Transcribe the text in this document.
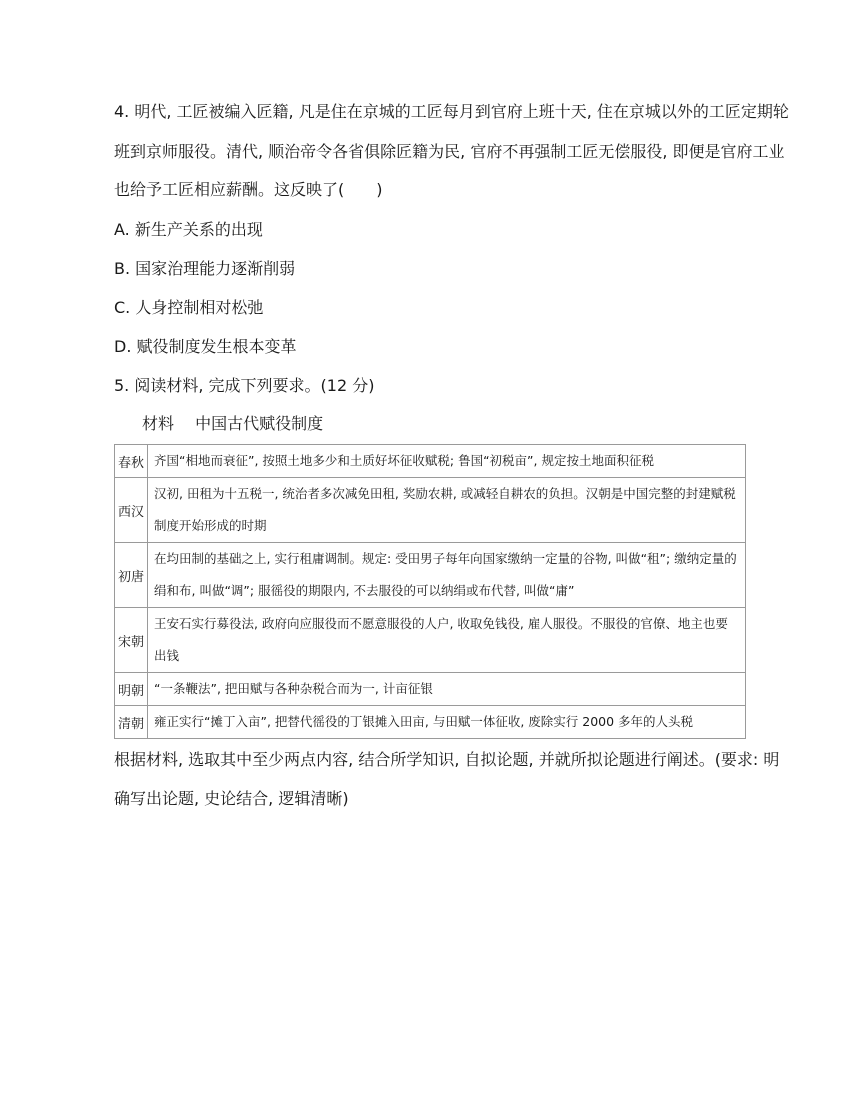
4. 明代, 工匠被编入匠籍, 凡是住在京城的工匠每月到官府上班十天, 住在京城以外的工匠定期轮
班到京师服役。清代, 顺治帝令各省俱除匠籍为民, 官府不再强制工匠无偿服役, 即便是官府工业
也给予工匠相应薪酬。这反映了(　　)
A. 新生产关系的出现
B. 国家治理能力逐渐削弱
C. 人身控制相对松弛
D. 赋役制度发生根本变革
5. 阅读材料, 完成下列要求。(12 分)
材料 中国古代赋役制度
春秋	齐国“相地而衰征”, 按照土地多少和土质好坏征收赋税; 鲁国“初税亩”, 规定按土地面积征税

西汉	汉初, 田租为十五税一, 统治者多次减免田租, 奖励农耕, 或减轻自耕农的负担。汉朝是中国完整的封建赋税制度开始形成的时期

初唐	在均田制的基础之上, 实行租庸调制。规定: 受田男子每年向国家缴纳一定量的谷物, 叫做“租”; 缴纳定量的绢和布, 叫做“调”; 服徭役的期限内, 不去服役的可以纳绢或布代替, 叫做“庸”

宋朝	王安石实行募役法, 政府向应服役而不愿意服役的人户, 收取免钱役, 雇人服役。不服役的官僚、地主也要出钱

明朝	“一条鞭法”, 把田赋与各种杂税合而为一, 计亩征银

清朝	雍正实行“摊丁入亩”, 把替代徭役的丁银摊入田亩, 与田赋一体征收, 废除实行 2000 多年的人头税
根据材料, 选取其中至少两点内容, 结合所学知识, 自拟论题, 并就所拟论题进行阐述。(要求: 明
确写出论题, 史论结合, 逻辑清晰)
